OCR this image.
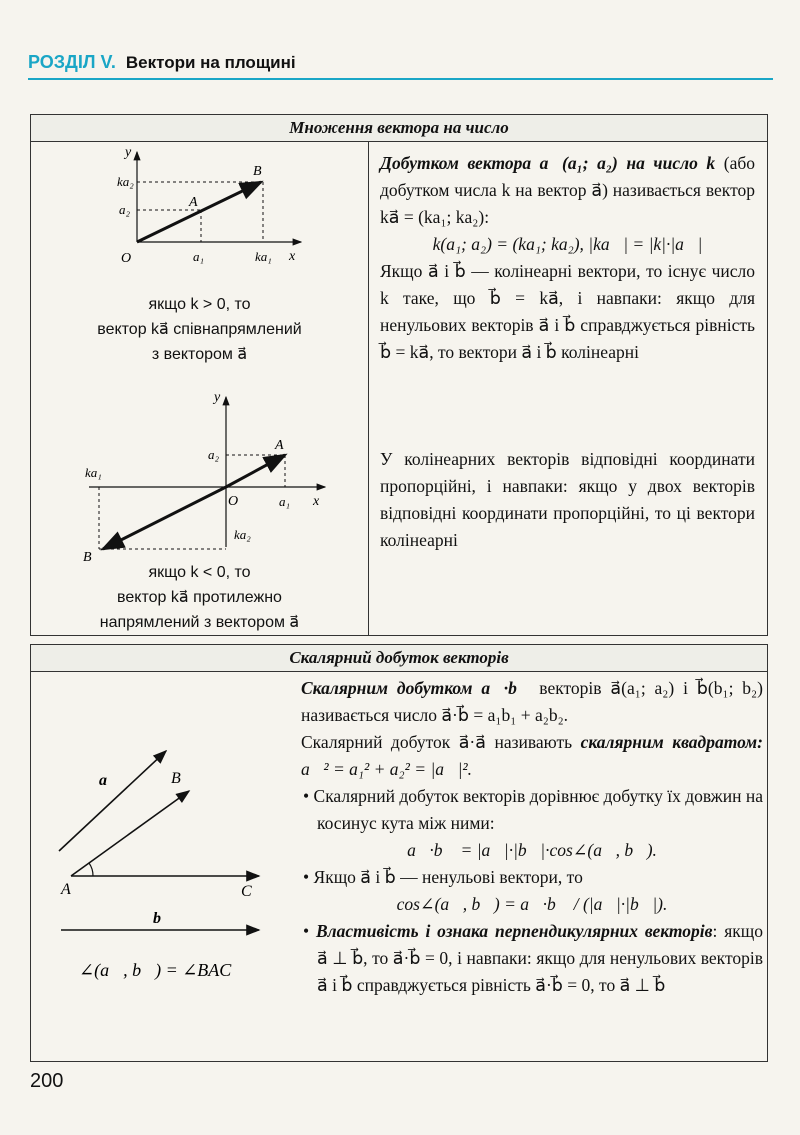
РОЗДІЛ V. Вектори на площині
Множення вектора на число
y
x
O
A
B
ka₂
a₂
a₁	ka₁
якщо k > 0, то
вектор ka⃗ співнапрямлений
з вектором a⃗
y
x
O
A
B
a₂
ka₁
a₁
ka₂
якщо k < 0, то
вектор ka⃗ протилежно
напрямлений з вектором a⃗
Добутком вектора a⃗(a₁; a₂) на число k (або добутком числа k на вектор a⃗) називається вектор ka⃗ = (ka₁; ka₂):
k(a₁; a₂) = (ka₁; ka₂), |ka⃗| = |k|·|a⃗|
Якщо a⃗ і b⃗ — колінеарні вектори, то існує число k таке, що b⃗ = ka⃗, і навпаки: якщо для ненульових векторів a⃗ і b⃗ справджується рівність b⃗ = ka⃗, то вектори a⃗ і b⃗ колінеарні
У колінеарних векторів відповідні координати пропорційні, і навпаки: якщо у двох векторів відповідні координати пропорційні, то ці вектори колінеарні
Скалярний добуток векторів
a⃗	B
A	C
b⃗
∠(a⃗, b⃗) = ∠BAC
Скалярним добутком a⃗·b⃗ векторів a⃗(a₁; a₂) і b⃗(b₁; b₂) називається число a⃗·b⃗ = a₁b₁ + a₂b₂.
Скалярний добуток a⃗·a⃗ називають скалярним квадратом: a⃗² = a₁² + a₂² = |a⃗|².
• Скалярний добуток векторів дорівнює добутку їх довжин на косинус кута між ними:
a⃗·b⃗ = |a⃗|·|b⃗|·cos∠(a⃗, b⃗).
• Якщо a⃗ і b⃗ — ненульові вектори, то
cos∠(a⃗, b⃗) = a⃗·b⃗ / (|a⃗|·|b⃗|).
• Властивість і ознака перпендикулярних векторів: якщо a⃗ ⊥ b⃗, то a⃗·b⃗ = 0, і навпаки: якщо для ненульових векторів a⃗ і b⃗ справджується рівність a⃗·b⃗ = 0, то a⃗ ⊥ b⃗
200
